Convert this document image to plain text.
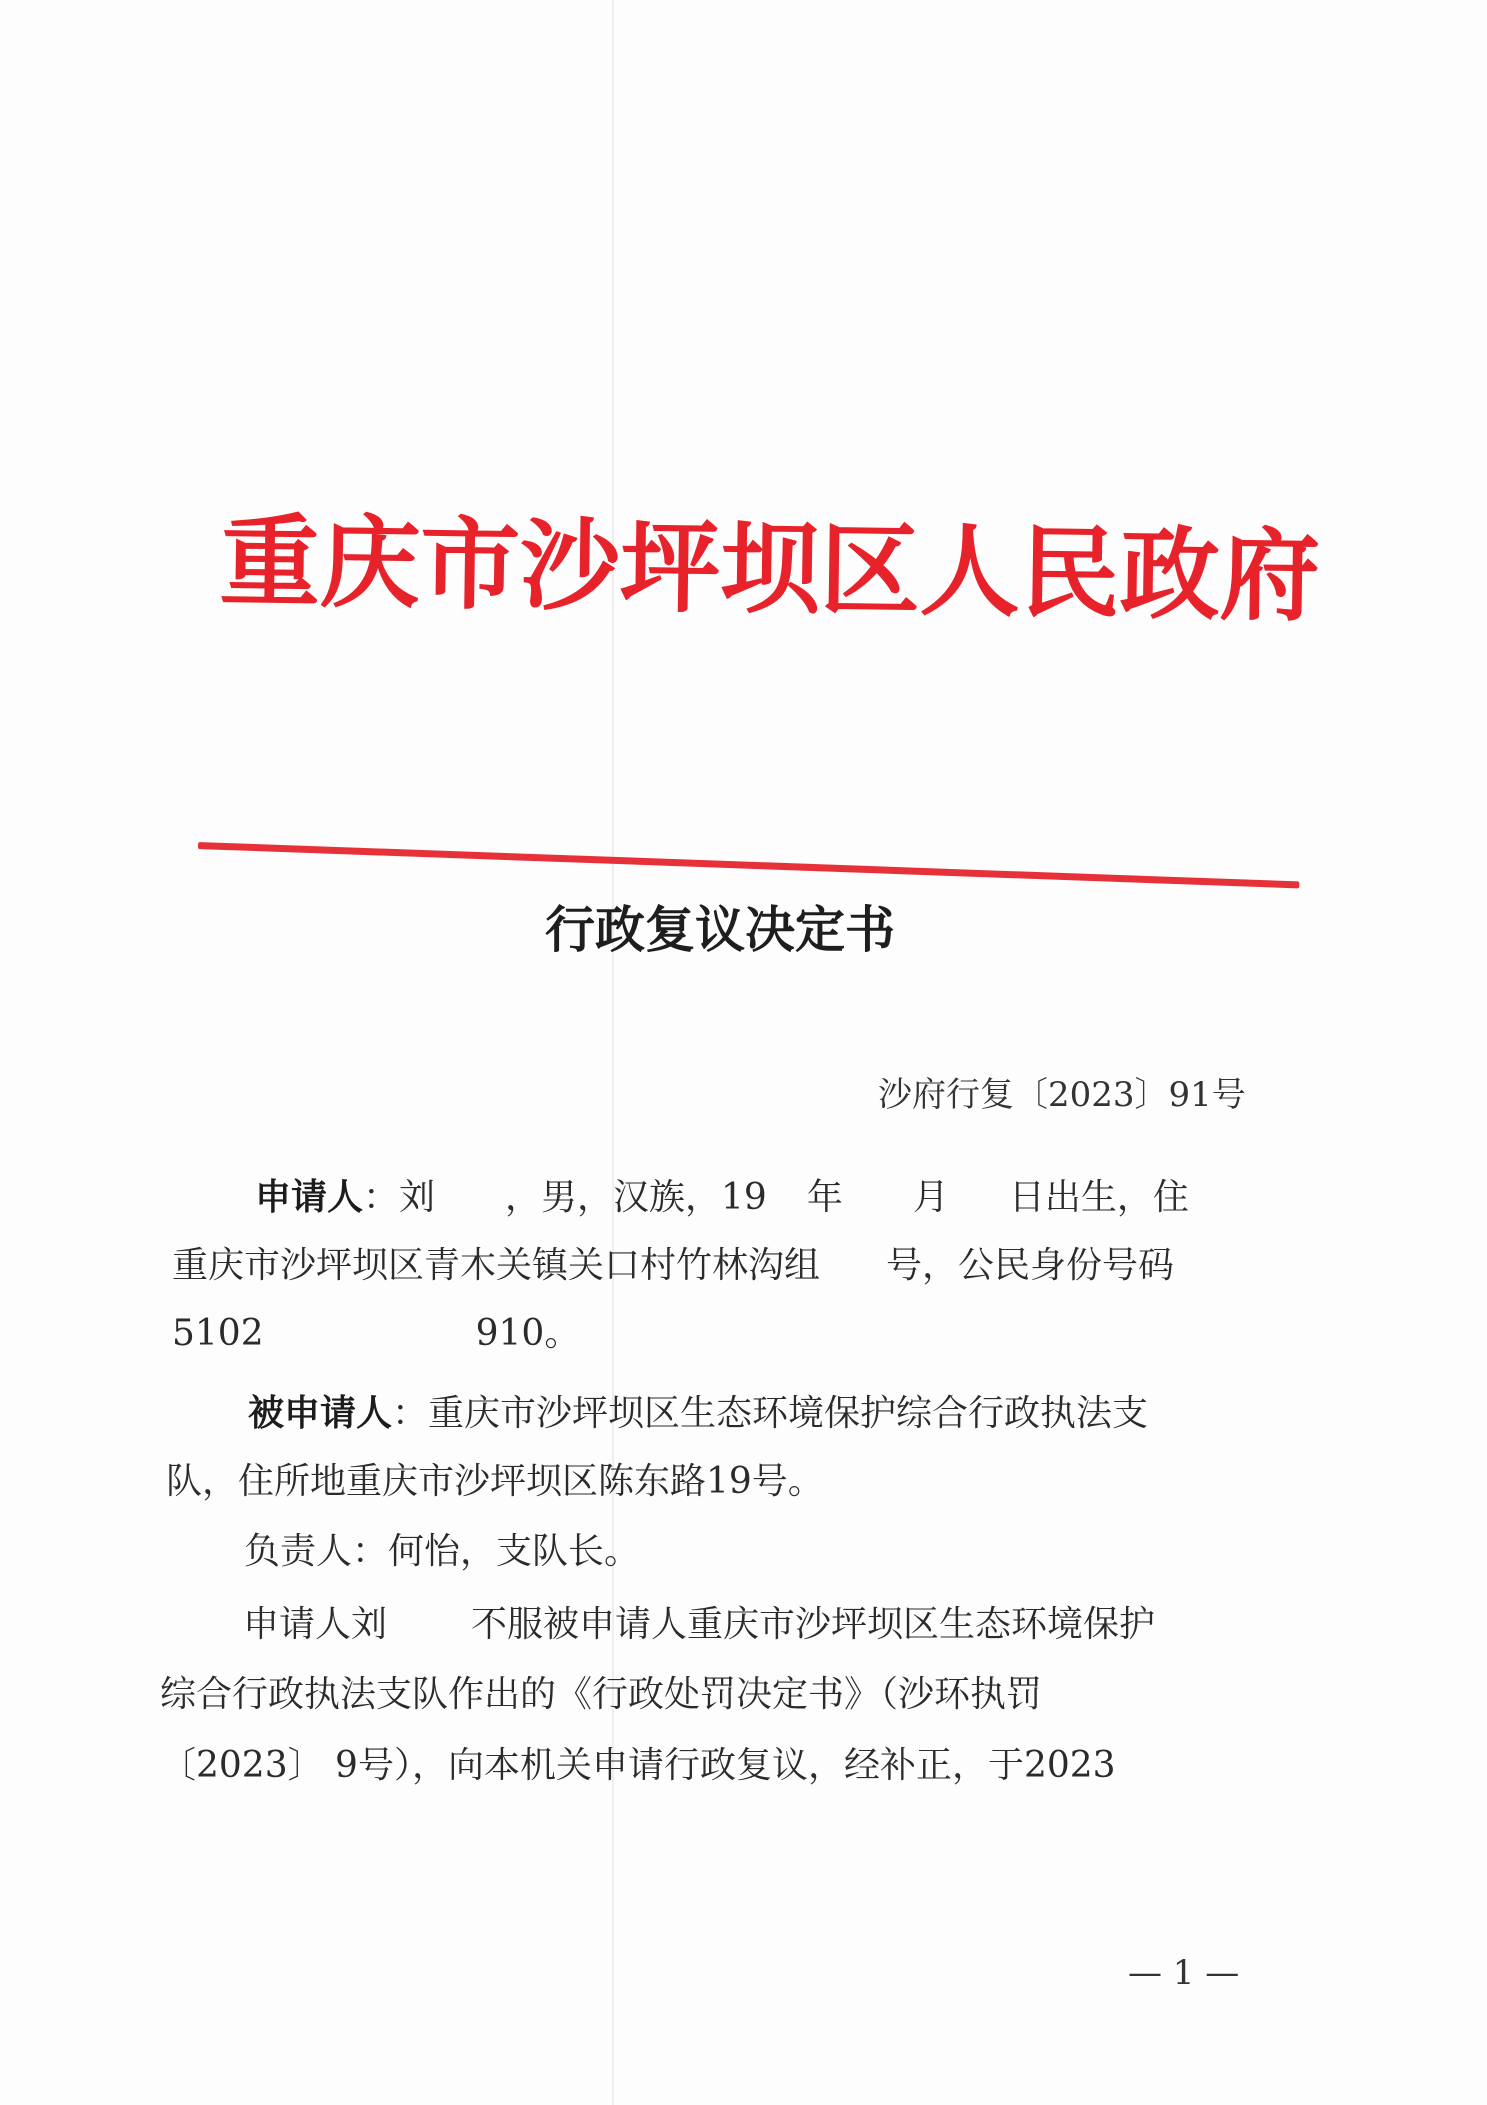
重庆市沙坪坝区人民政府
行政复议决定书
沙府行复〔2023〕91号
申请人：刘 ，男，汉族，19 年 月 日出生，住
重庆市沙坪坝区青木关镇关口村竹林沟组 号，公民身份号码
5102	910。
被申请人：重庆市沙坪坝区生态环境保护综合行政执法支
队，住所地重庆市沙坪坝区陈东路19号。
负责人：何怡，支队长。
申请人刘 不服被申请人重庆市沙坪坝区生态环境保护
综合行政执法支队作出的《行政处罚决定书》（沙环执罚
〔2023〕 9号），向本机关申请行政复议，经补正，于2023
— 1 —
